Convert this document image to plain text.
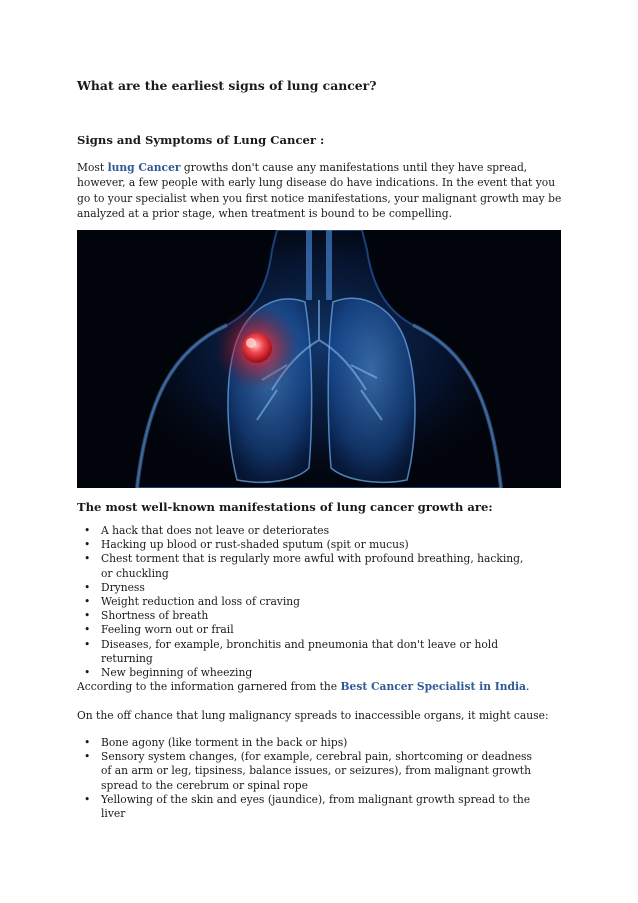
What are the earliest signs of lung cancer?
Signs and Symptoms of Lung Cancer :

Most lung Cancer growths don't cause any manifestations until they have spread,
however, a few people with early lung disease do have indications. In the event that you
go to your specialist when you first notice manifestations, your malignant growth may be
analyzed at a prior stage, when treatment is bound to be compelling.

The most well-known manifestations of lung cancer growth are:
• A hack that does not leave or deteriorates
• Hacking up blood or rust-shaded sputum (spit or mucus)
• Chest torment that is regularly more awful with profound breathing, hacking,
or chuckling
• Dryness
• Weight reduction and loss of craving
• Shortness of breath
• Feeling worn out or frail
• Diseases, for example, bronchitis and pneumonia that don't leave or hold
returning
• New beginning of wheezing

According to the information garnered from the Best Cancer Specialist in India.

On the off chance that lung malignancy spreads to inaccessible organs, it might cause:

• Bone agony (like torment in the back or hips)
• Sensory system changes, (for example, cerebral pain, shortcoming or deadness
of an arm or leg, tipsiness, balance issues, or seizures), from malignant growth
spread to the cerebrum or spinal rope
• Yellowing of the skin and eyes (jaundice), from malignant growth spread to the
liver
